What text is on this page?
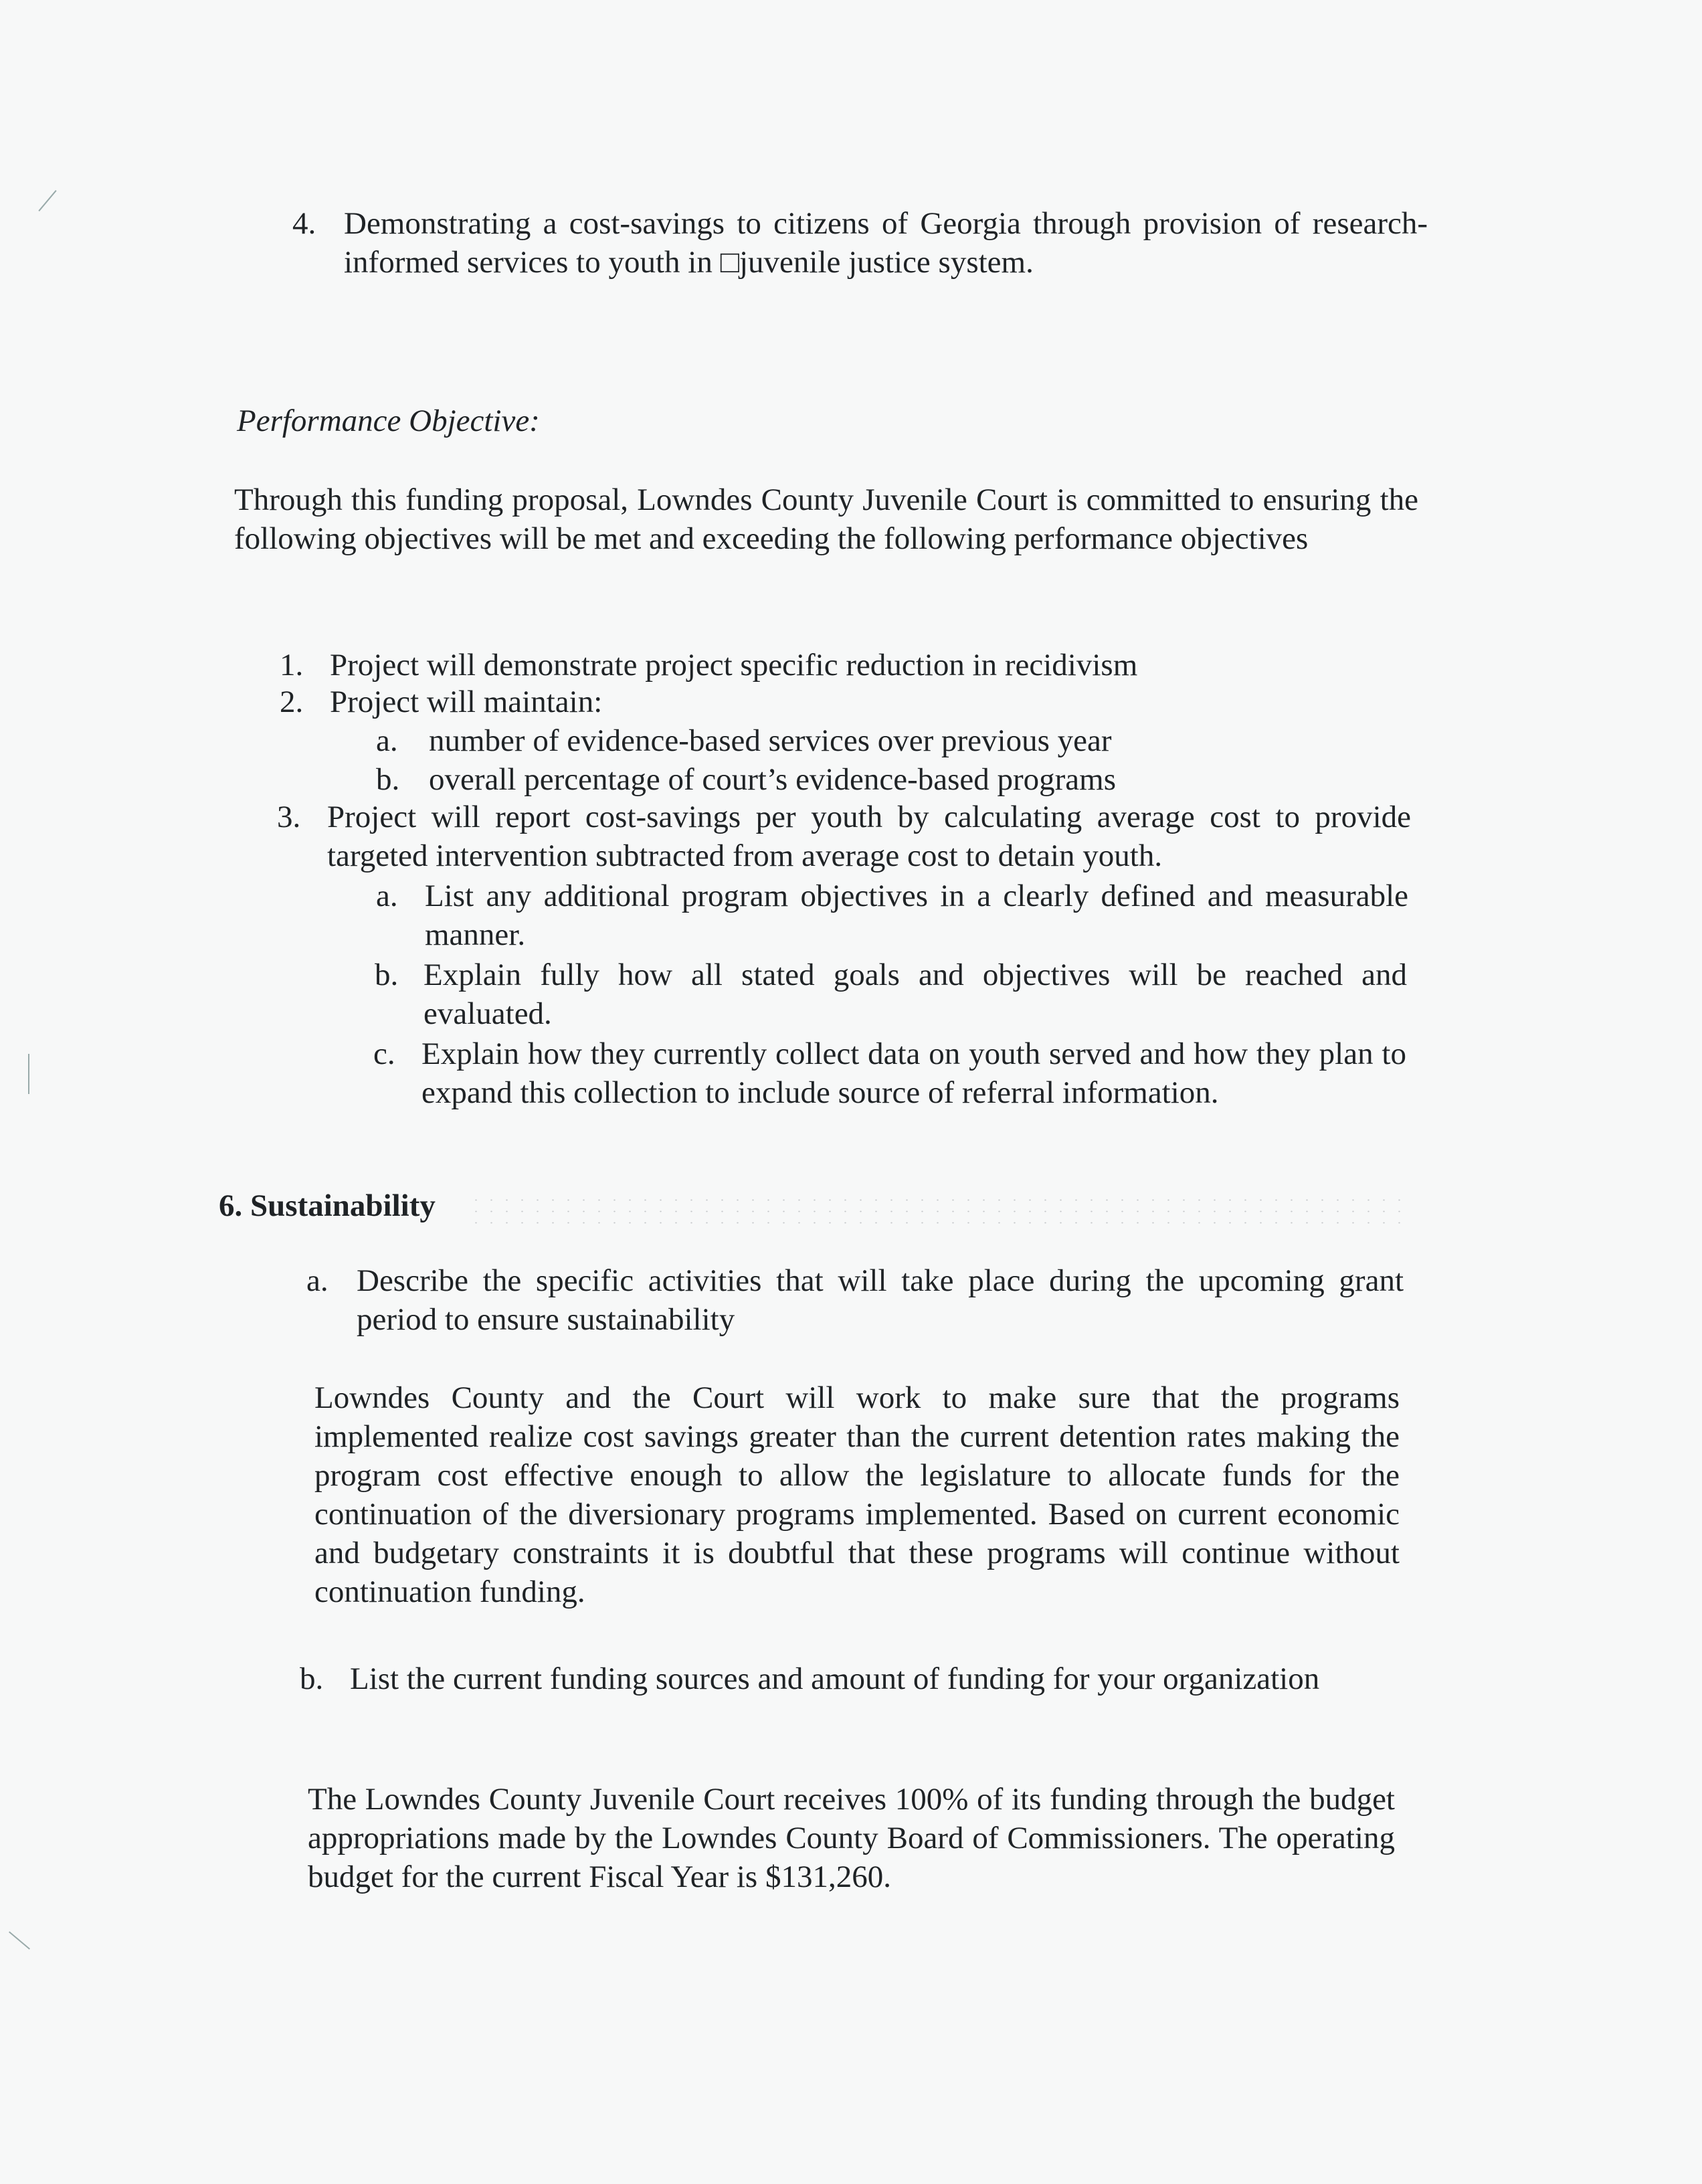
4. Demonstrating a cost-savings to citizens of Georgia through provision of research-informed services to youth in □juvenile justice system.
Performance Objective:
Through this funding proposal, Lowndes County Juvenile Court is committed to ensuring the following objectives will be met and exceeding the following performance objectives
1. Project will demonstrate project specific reduction in recidivism
2. Project will maintain:
a. number of evidence-based services over previous year
b. overall percentage of court’s evidence-based programs
3. Project will report cost-savings per youth by calculating average cost to provide targeted intervention subtracted from average cost to detain youth.
a. List any additional program objectives in a clearly defined and measurable manner.
b. Explain fully how all stated goals and objectives will be reached and evaluated.
c. Explain how they currently collect data on youth served and how they plan to expand this collection to include source of referral information.
6. Sustainability
a. Describe the specific activities that will take place during the upcoming grant period to ensure sustainability
Lowndes County and the Court will work to make sure that the programs implemented realize cost savings greater than the current detention rates making the program cost effective enough to allow the legislature to allocate funds for the continuation of the diversionary programs implemented. Based on current economic and budgetary constraints it is doubtful that these programs will continue without continuation funding.
b. List the current funding sources and amount of funding for your organization
The Lowndes County Juvenile Court receives 100% of its funding through the budget appropriations made by the Lowndes County Board of Commissioners. The operating budget for the current Fiscal Year is $131,260.
